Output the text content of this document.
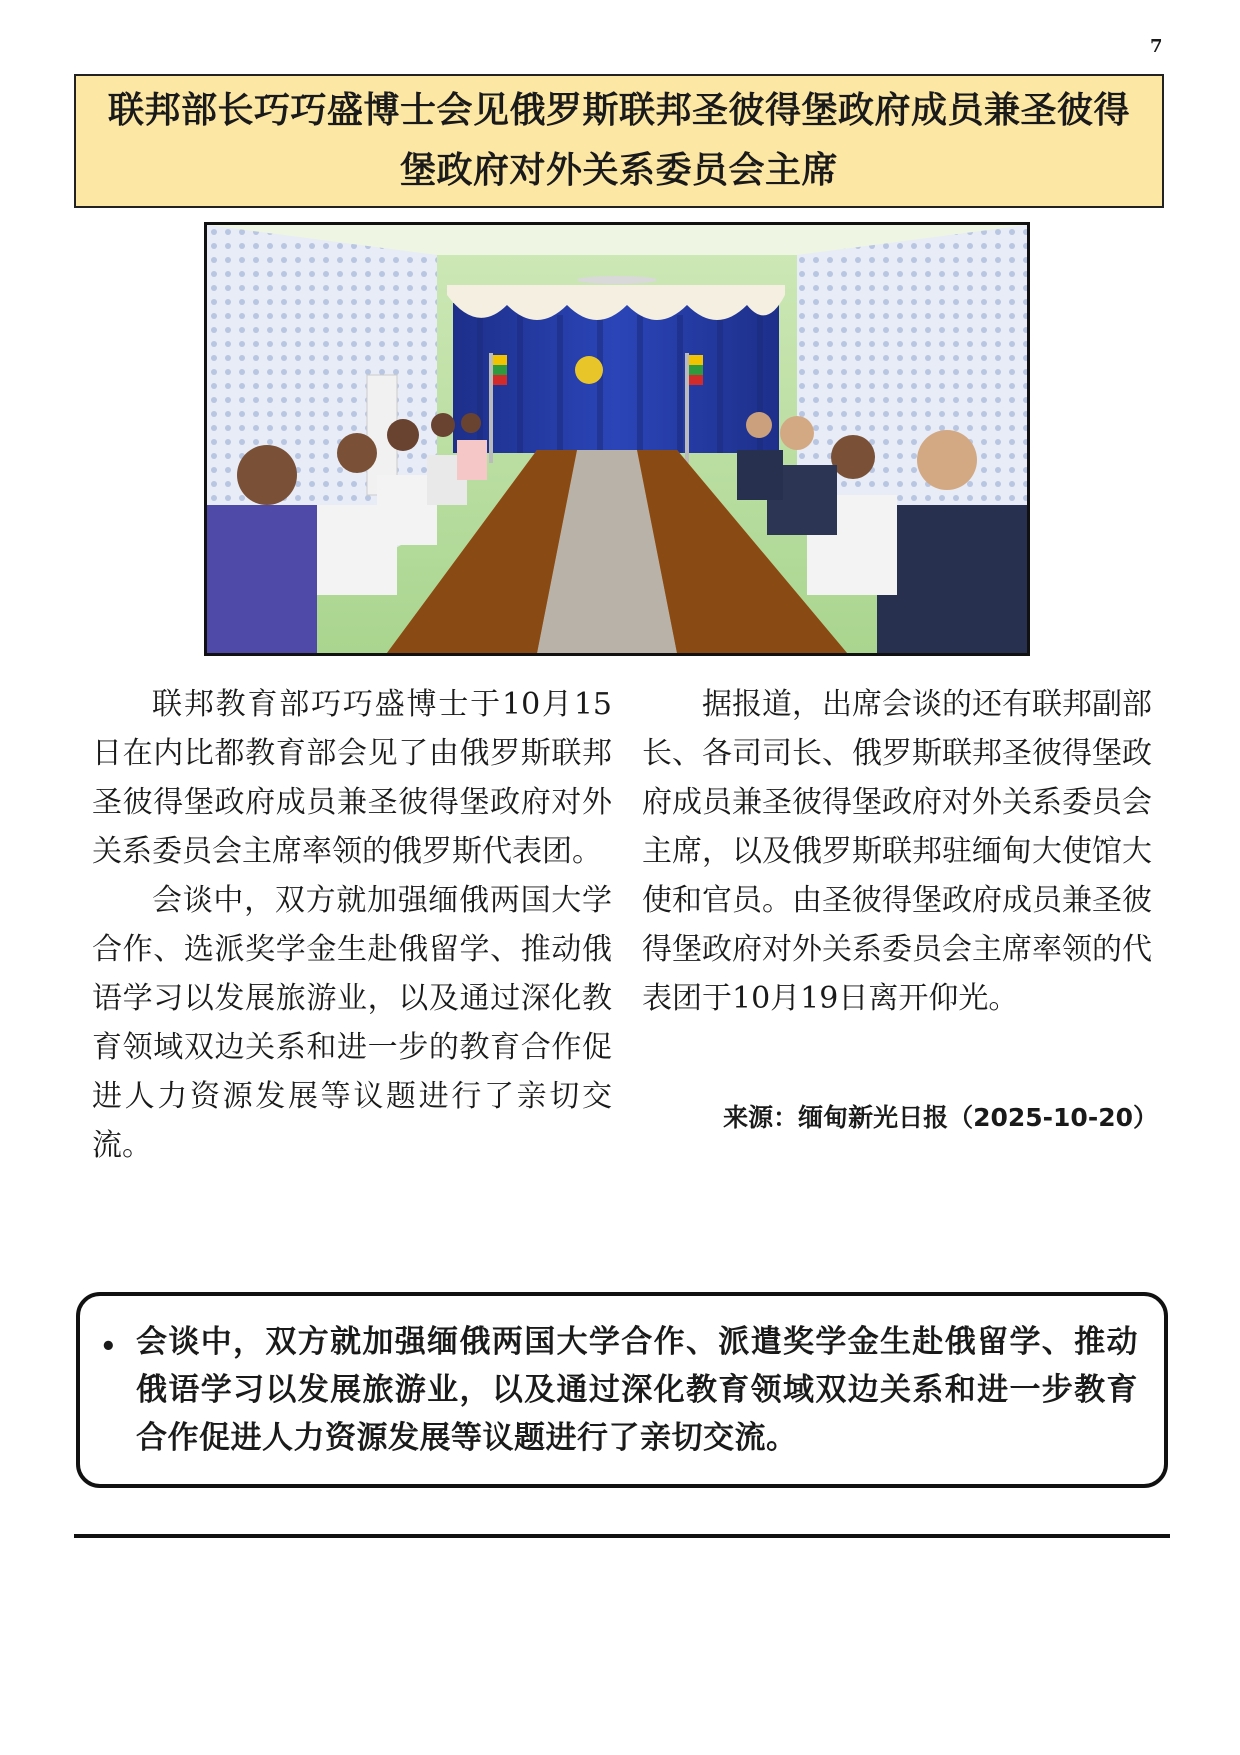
7
联邦部长巧巧盛博士会见俄罗斯联邦圣彼得堡政府成员兼圣彼得
堡政府对外关系委员会主席

联邦教育部巧巧盛博士于10月15日在内比都教育部会见了由俄罗斯联邦圣彼得堡政府成员兼圣彼得堡政府对外关系委员会主席率领的俄罗斯代表团。

会谈中，双方就加强缅俄两国大学合作、选派奖学金生赴俄留学、推动俄语学习以发展旅游业，以及通过深化教育领域双边关系和进一步的教育合作促进人力资源发展等议题进行了亲切交流。

据报道，出席会谈的还有联邦副部长、各司司长、俄罗斯联邦圣彼得堡政府成员兼圣彼得堡政府对外关系委员会主席，以及俄罗斯联邦驻缅甸大使馆大使和官员。由圣彼得堡政府成员兼圣彼得堡政府对外关系委员会主席率领的代表团于10月19日离开仰光。

来源：缅甸新光日报（2025-10-20）
• 会谈中，双方就加强缅俄两国大学合作、派遣奖学金生赴俄留学、推动俄语学习以发展旅游业，以及通过深化教育领域双边关系和进一步教育合作促进人力资源发展等议题进行了亲切交流。
